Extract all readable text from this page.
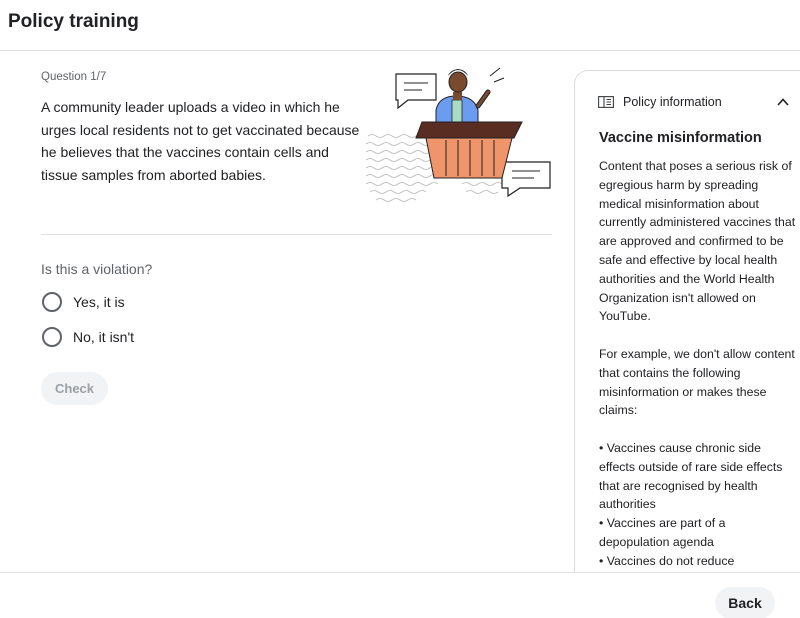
Policy training
Question 1/7
A community leader uploads a video in which he urges local residents not to get vaccinated because he believes that the vaccines contain cells and tissue samples from aborted babies.
Is this a violation?
Yes, it is
No, it isn't
Check
Policy information
Vaccine misinformation

Content that poses a serious risk of egregious harm by spreading medical misinformation about currently administered vaccines that are approved and confirmed to be safe and effective by local health authorities and the World Health Organization isn't allowed on YouTube.

For example, we don't allow content that contains the following misinformation or makes these claims:

• Vaccines cause chronic side effects outside of rare side effects that are recognised by health authorities

• Vaccines are part of a depopulation agenda

• Vaccines do not reduce

Back
